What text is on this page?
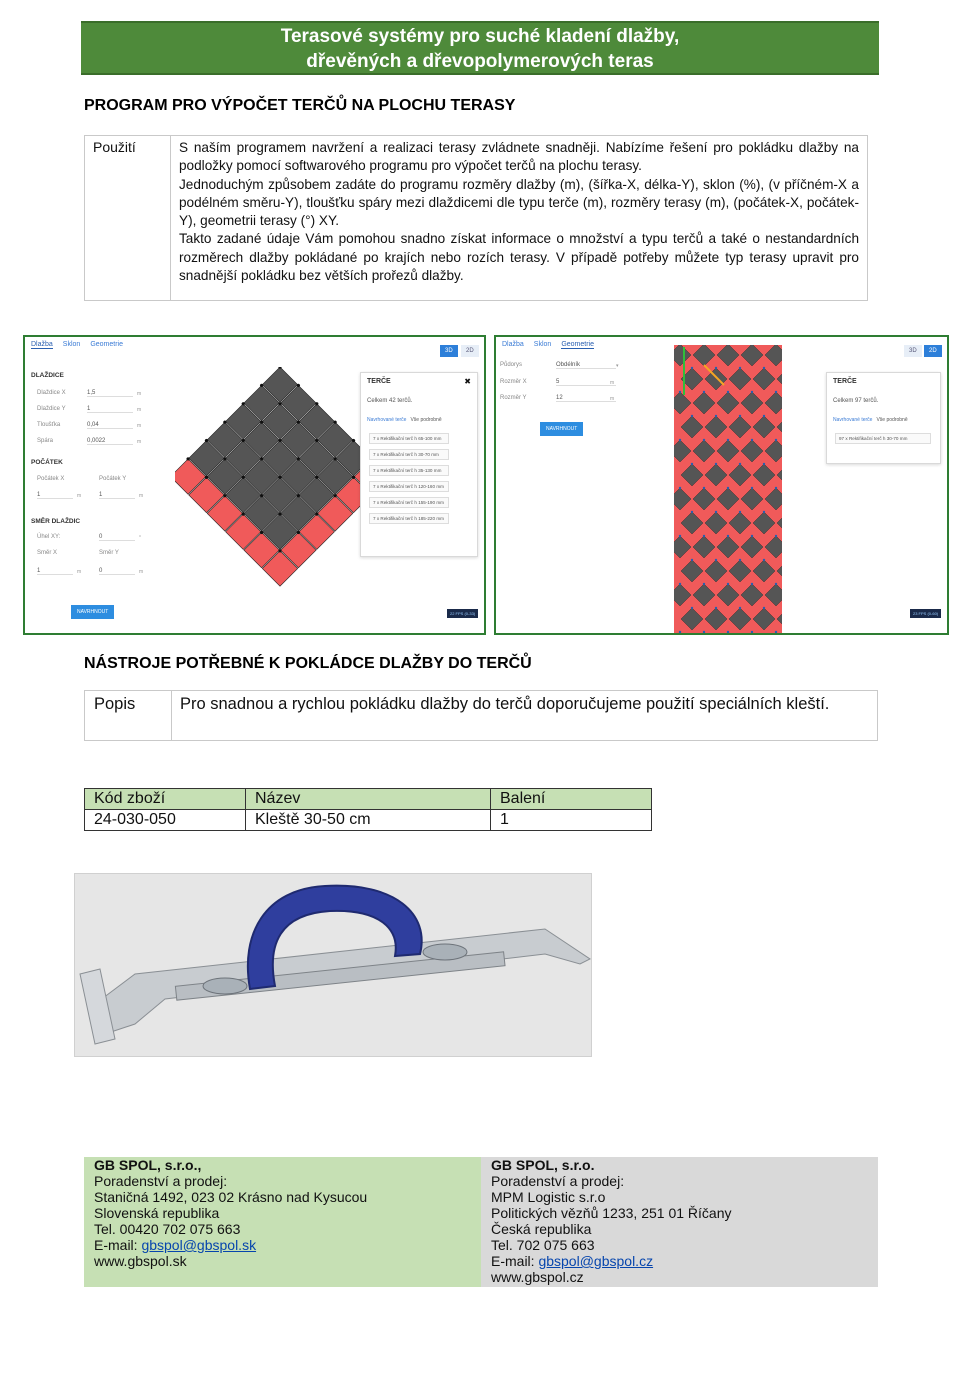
Terasové systémy pro suché kladení dlažby,
dřevěných a dřevopolymerových teras
PROGRAM PRO VÝPOČET TERČŮ NA PLOCHU TERASY
Použití	S naším programem navržení a realizaci terasy zvládnete snadněji. Nabízíme řešení pro pokládku dlažby na podložky pomocí softwarového programu pro výpočet terčů na plochu terasy.

Jednoduchým způsobem zadáte do programu rozměry dlažby (m), (šířka-X, délka-Y), sklon (%), (v příčném-X a podélném směru-Y), tloušťku spáry mezi dlaždicemi dle typu terče (m), rozměry terasy (m), (počátek-X, počátek-Y), geometrii terasy (°) XY.

Takto zadané údaje Vám pomohou snadno získat informace o množství a typu terčů a také o nestandardních rozměrech dlažby pokládané po krajích nebo rozích terasy. V případě potřeby můžete typ terasy upravit pro snadnější pokládku bez větších prořezů dlažby.

Dlažba Sklon Geometrie
3D	2D
DLAŽDICE
Dlaždice X	1,5	m
Dlaždice Y	1	m
Tloušťka	0,04	m
Spára	0,0022	m
POČÁTEK
Počátek X
1	m
Počátek Y
1	m
SMĚR DLAŽDIC
Úhel XY:	0	°
Směr X	Směr Y
1	m	0	m
NAVRHNOUT
TERČE	✖
Celkem 42 terčů.
Navrhované terče Vše podrobně
7 x Rektifikační terč h 65-100 mm
7 x Rektifikační terč h 30-70 mm
7 x Rektifikační terč h 35-130 mm
7 x Rektifikační terč h 120-160 mm
7 x Rektifikační terč h 155-190 mm
7 x Rektifikační terč h 185-220 mm
22 FPS (0-33)
Dlažba Sklon Geometrie
3D	2D
Půdorys	Obdélník	▾
Rozměr X	5	m
Rozměr Y	12	m
NAVRHNOUT
TERČE
Celkem 97 terčů.
Navrhované terče Vše podrobně
97 x Rektifikační terč h 30-70 mm
23 FPS (0-60)
NÁSTROJE POTŘEBNÉ K POKLÁDCE DLAŽBY DO TERČŮ
Popis	Pro snadnou a rychlou pokládku dlažby do terčů doporučujeme použití speciálních kleští.
Kód zboží	Název	Balení
24-030-050	Kleště 30-50 cm	1
GB SPOL, s.r.o.,
Poradenství a prodej:
Staničná 1492, 023 02 Krásno nad Kysucou
Slovenská republika
Tel. 00420 702 075 663
E-mail: gbspol@gbspol.sk
www.gbspol.sk
GB SPOL, s.r.o.
Poradenství a prodej:
MPM Logistic s.r.o
Politických vězňů 1233, 251 01 Říčany
Česká republika
Tel. 702 075 663
E-mail: gbspol@gbspol.cz
www.gbspol.cz
